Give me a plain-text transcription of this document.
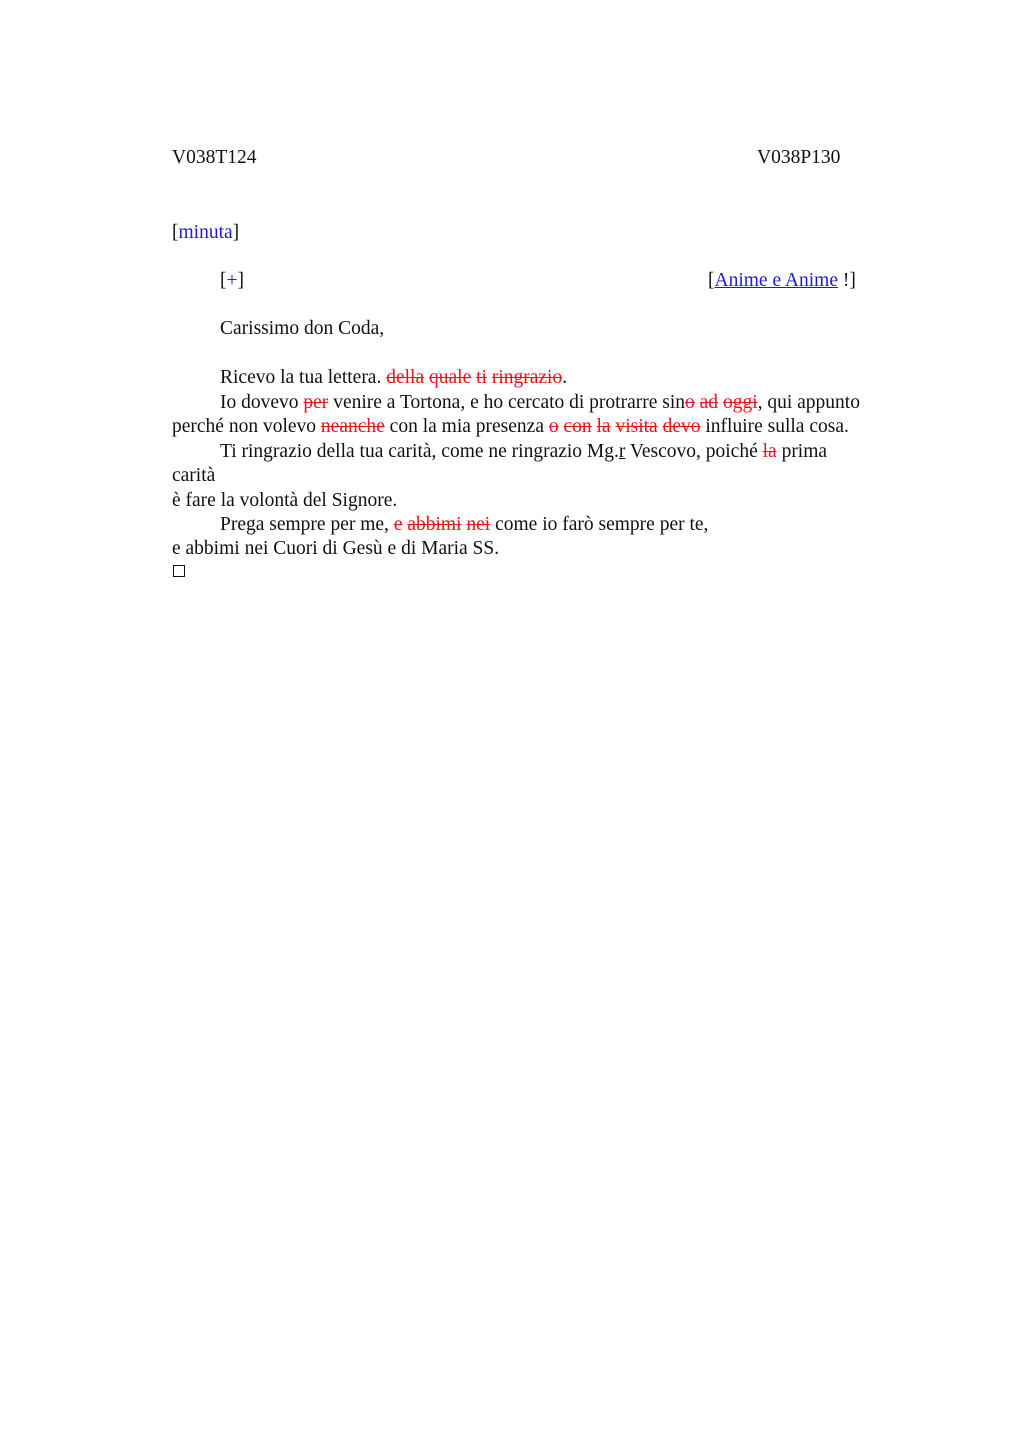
V038T124	V038P130
[minuta]
[+]	[Anime e Anime !]
Carissimo don Coda,
Ricevo la tua lettera. della quale ti ringrazio.
Io dovevo per venire a Tortona, e ho cercato di protrarre sino ad oggi, qui appunto
perché non volevo neanche con la mia presenza o con la visita devo influire sulla cosa.
Ti ringrazio della tua carità, come ne ringrazio Mg.r Vescovo, poiché la prima
carità
è fare la volontà del Signore.
Prega sempre per me, e abbimi nei come io farò sempre per te,
e abbimi nei Cuori di Gesù e di Maria SS.
